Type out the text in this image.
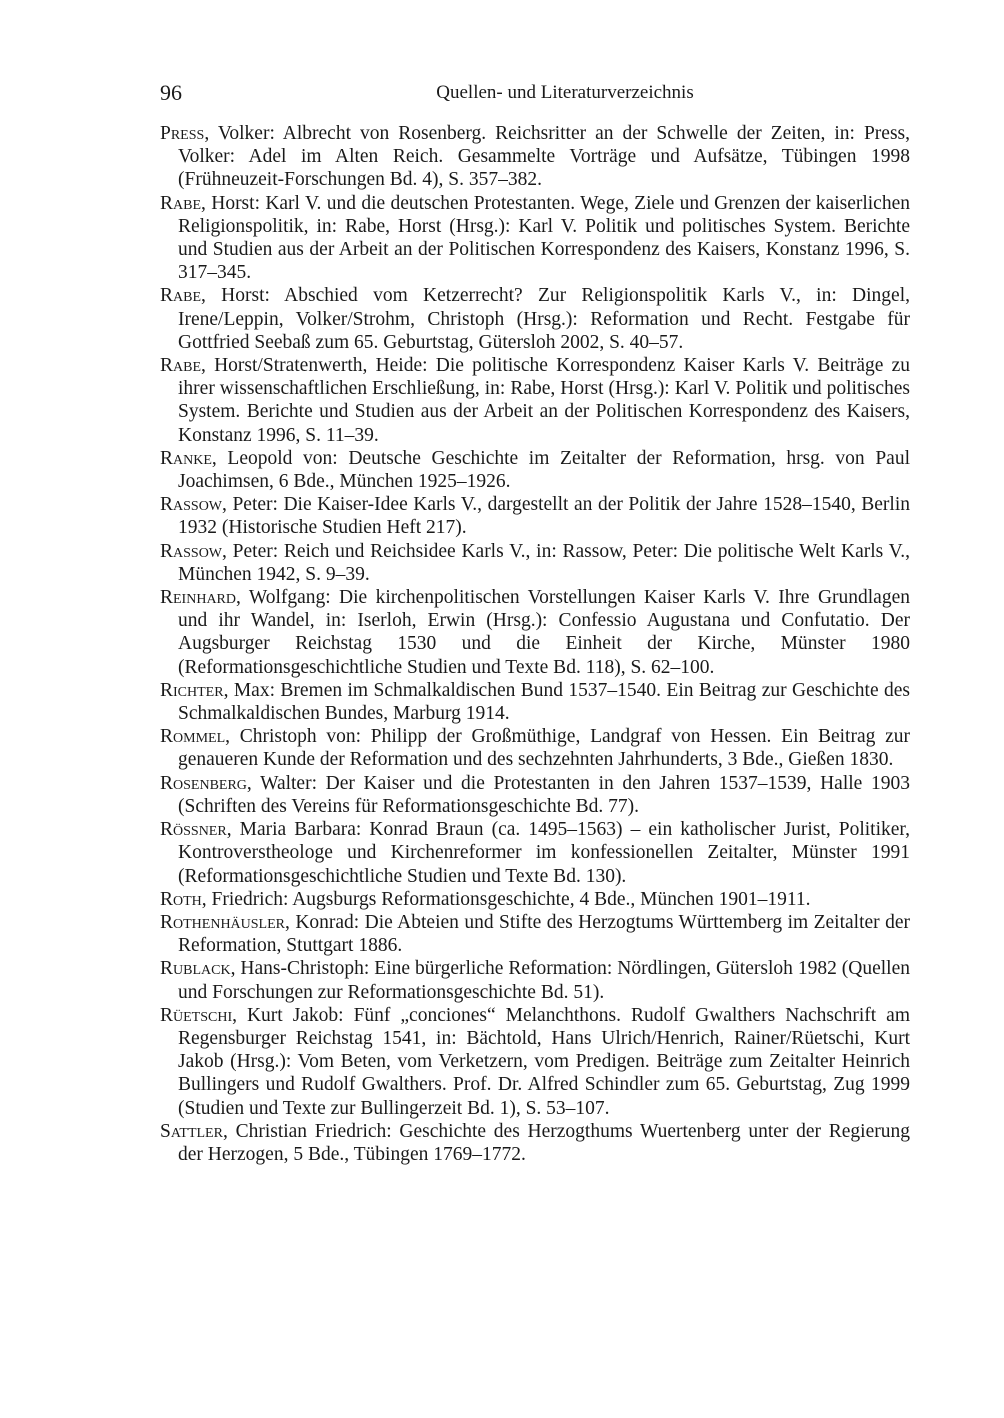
96	Quellen- und Literaturverzeichnis
Press, Volker: Albrecht von Rosenberg. Reichsritter an der Schwelle der Zeiten, in: Press, Volker: Adel im Alten Reich. Gesammelte Vorträge und Aufsätze, Tübingen 1998 (Frühneuzeit-Forschungen Bd. 4), S. 357–382.
Rabe, Horst: Karl V. und die deutschen Protestanten. Wege, Ziele und Grenzen der kaiserlichen Religionspolitik, in: Rabe, Horst (Hrsg.): Karl V. Politik und politisches System. Berichte und Studien aus der Arbeit an der Politischen Korrespondenz des Kaisers, Konstanz 1996, S. 317–345.
Rabe, Horst: Abschied vom Ketzerrecht? Zur Religionspolitik Karls V., in: Dingel, Irene/Leppin, Volker/Strohm, Christoph (Hrsg.): Reformation und Recht. Festgabe für Gottfried Seebaß zum 65. Geburtstag, Gütersloh 2002, S. 40–57.
Rabe, Horst/Stratenwerth, Heide: Die politische Korrespondenz Kaiser Karls V. Beiträge zu ihrer wissenschaftlichen Erschließung, in: Rabe, Horst (Hrsg.): Karl V. Politik und politisches System. Berichte und Studien aus der Arbeit an der Politischen Korrespondenz des Kaisers, Konstanz 1996, S. 11–39.
Ranke, Leopold von: Deutsche Geschichte im Zeitalter der Reformation, hrsg. von Paul Joachimsen, 6 Bde., München 1925–1926.
Rassow, Peter: Die Kaiser-Idee Karls V., dargestellt an der Politik der Jahre 1528–1540, Berlin 1932 (Historische Studien Heft 217).
Rassow, Peter: Reich und Reichsidee Karls V., in: Rassow, Peter: Die politische Welt Karls V., München 1942, S. 9–39.
Reinhard, Wolfgang: Die kirchenpolitischen Vorstellungen Kaiser Karls V. Ihre Grundlagen und ihr Wandel, in: Iserloh, Erwin (Hrsg.): Confessio Augustana und Confutatio. Der Augsburger Reichstag 1530 und die Einheit der Kirche, Münster 1980 (Reformationsgeschichtliche Studien und Texte Bd. 118), S. 62–100.
Richter, Max: Bremen im Schmalkaldischen Bund 1537–1540. Ein Beitrag zur Geschichte des Schmalkaldischen Bundes, Marburg 1914.
Rommel, Christoph von: Philipp der Großmüthige, Landgraf von Hessen. Ein Beitrag zur genaueren Kunde der Reformation und des sechzehnten Jahrhunderts, 3 Bde., Gießen 1830.
Rosenberg, Walter: Der Kaiser und die Protestanten in den Jahren 1537–1539, Halle 1903 (Schriften des Vereins für Reformationsgeschichte Bd. 77).
Rössner, Maria Barbara: Konrad Braun (ca. 1495–1563) – ein katholischer Jurist, Politiker, Kontroverstheologe und Kirchenreformer im konfessionellen Zeitalter, Münster 1991 (Reformationsgeschichtliche Studien und Texte Bd. 130).
Roth, Friedrich: Augsburgs Reformationsgeschichte, 4 Bde., München 1901–1911.
Rothenhäusler, Konrad: Die Abteien und Stifte des Herzogtums Württemberg im Zeitalter der Reformation, Stuttgart 1886.
Rublack, Hans-Christoph: Eine bürgerliche Reformation: Nördlingen, Gütersloh 1982 (Quellen und Forschungen zur Reformationsgeschichte Bd. 51).
Rüetschi, Kurt Jakob: Fünf „conciones“ Melanchthons. Rudolf Gwalthers Nachschrift am Regensburger Reichstag 1541, in: Bächtold, Hans Ulrich/Henrich, Rainer/Rüetschi, Kurt Jakob (Hrsg.): Vom Beten, vom Verketzern, vom Predigen. Beiträge zum Zeitalter Heinrich Bullingers und Rudolf Gwalthers. Prof. Dr. Alfred Schindler zum 65. Geburtstag, Zug 1999 (Studien und Texte zur Bullingerzeit Bd. 1), S. 53–107.
Sattler, Christian Friedrich: Geschichte des Herzogthums Wuertenberg unter der Regierung der Herzogen, 5 Bde., Tübingen 1769–1772.
